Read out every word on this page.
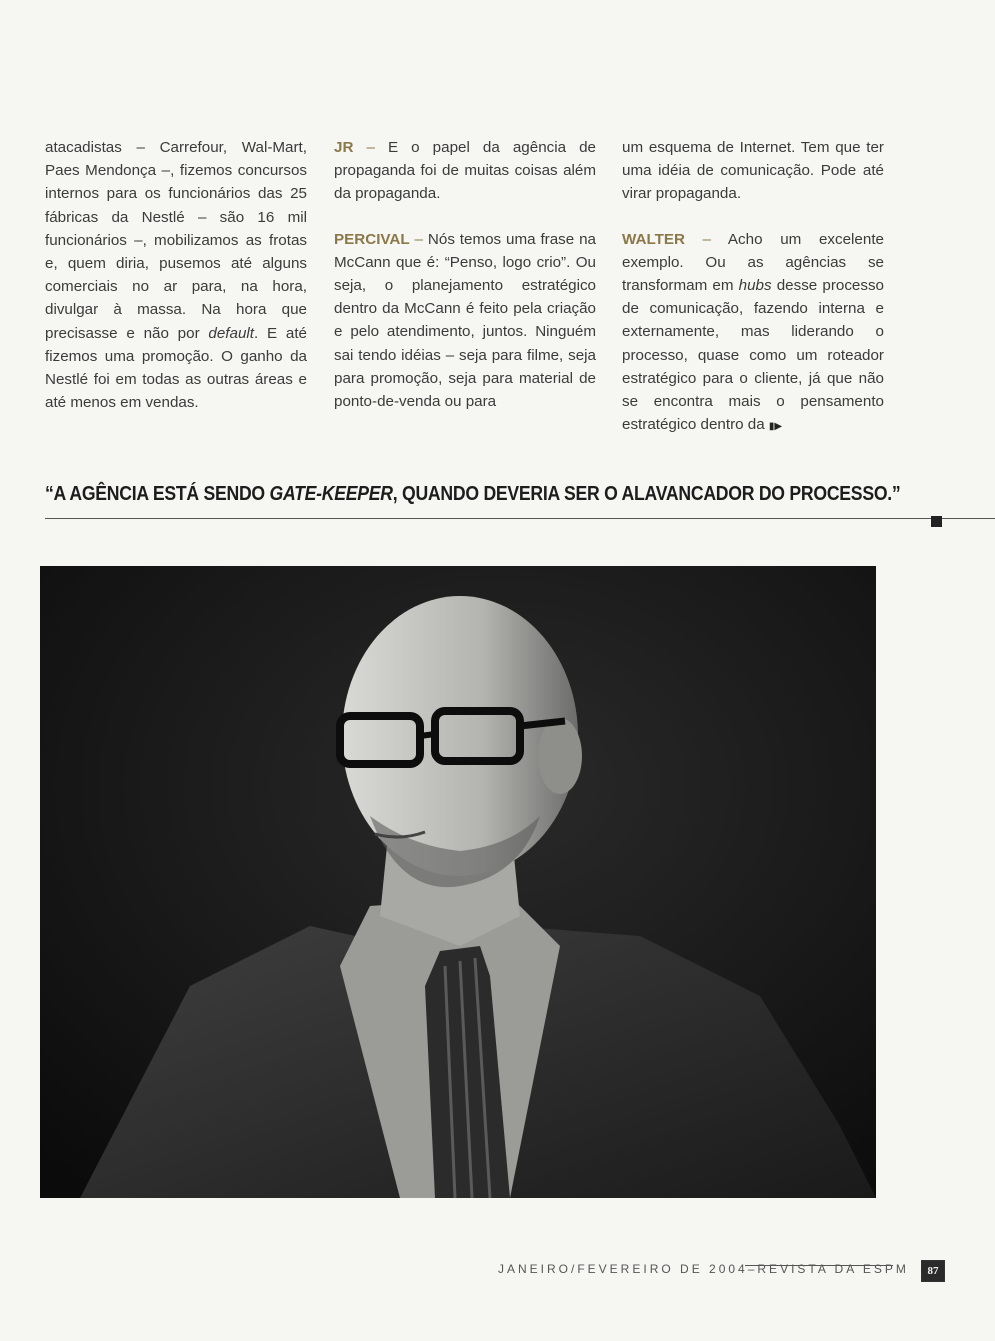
atacadistas – Carrefour, Wal-Mart, Paes Mendonça –, fizemos concursos internos para os funcionários das 25 fábricas da Nestlé – são 16 mil funcionários –, mobilizamos as frotas e, quem diria, pusemos até alguns comerciais no ar para, na hora, divulgar à massa. Na hora que precisasse e não por default. E até fizemos uma promoção. O ganho da Nestlé foi em todas as outras áreas e até menos em vendas.

JR – E o papel da agência de propaganda foi de muitas coisas além da propaganda.

PERCIVAL – Nós temos uma frase na McCann que é: “Penso, logo crio”. Ou seja, o planejamento estratégico dentro da McCann é feito pela criação e pelo atendimento, juntos. Ninguém sai tendo idéias – seja para filme, seja para promoção, seja para material de ponto-de-venda ou para

um esquema de Internet. Tem que ter uma idéia de comunicação. Pode até virar propaganda.

WALTER – Acho um excelente exemplo. Ou as agências se transformam em hubs desse processo de comunicação, fazendo interna e externamente, mas liderando o processo, quase como um roteador estratégico para o cliente, já que não se encontra mais o pensamento estratégico dentro da ▮▶

“A AGÊNCIA ESTÁ SENDO GATE-KEEPER, QUANDO DEVERIA SER O ALAVANCADOR DO PROCESSO.”
JANEIRO/FEVEREIRO DE 2004–REVISTA DA ESPM	87
